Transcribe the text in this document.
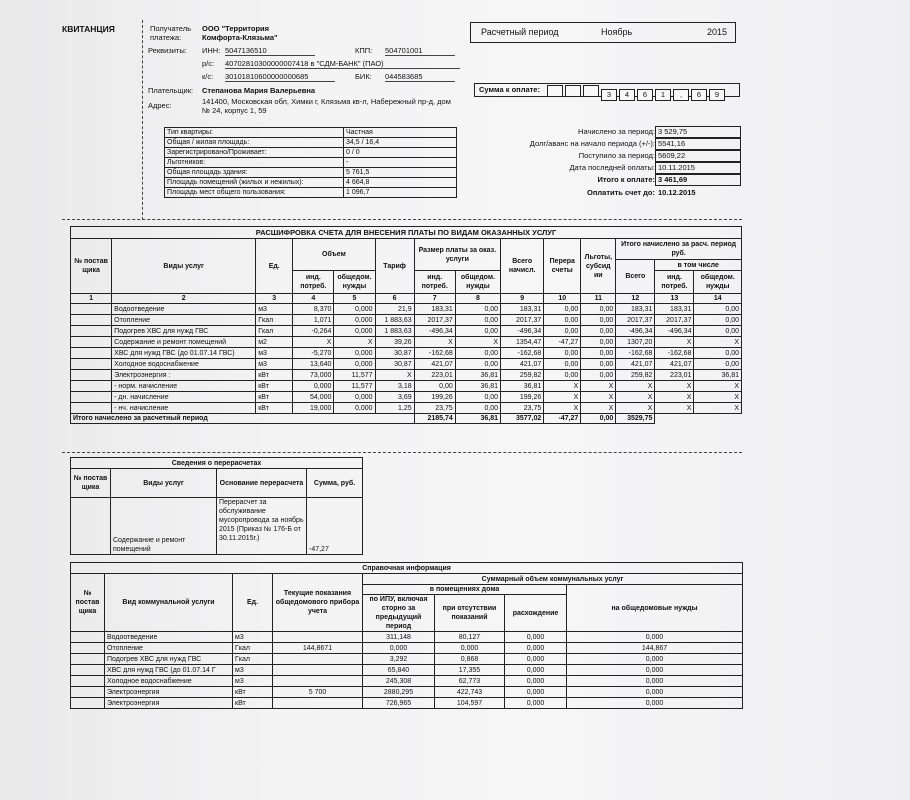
КВИТАНЦИЯ	Получатель платежа:
ООО "Территория Комфорта-Клязьма"
Реквизиты: ИНН: 5047136510	КПП: 504701001
р/с: 40702810300000007418 в "СДМ-БАНК" (ПАО)
к/с: 30101810600000000685	БИК: 044583685
Расчетный период	Ноябрь	2015
Плательщик: Степанова Мария Валерьевна
Адрес:	141400, Московская обл, Химки г, Клязьма кв-л, Набережный пр-д, дом
№ 24, корпус 1, 59
Сумма к оплате:
3 4 6 1 , 6 9
Тип квартиры:	Частная
Общая / жилая площадь:	34,5 / 16,4
Зарегистрировано/Проживает:	0 / 0
Льготников:	-
Общая площадь здания:	5 761,5
Площадь помещений (жилых и нежилых):	4 664,8
Площадь мест общего пользования:	1 096,7
Начислено за период: 3 529,75
Долг/аванс на начало периода (+/-): 5541,16
Поступило за период: 5609,22
Дата последней оплаты: 10.11.2015
Итого к оплате: 3 461,69
Оплатить счет до: 10.12.2015
РАСШИФРОВКА СЧЕТА ДЛЯ ВНЕСЕНИЯ ПЛАТЫ ПО ВИДАМ ОКАЗАННЫХ УСЛУГ													
№ постав щика	Виды услуг	Ед.	Объем		Тариф	Размер платы за оказ. услуги		Всего начисл.	Перера счеты	Льготы, субсид ии	Итого начислено за расч. период руб.		
											Всего	в том числе	
			инд. потреб.	общедом. нужды		инд. потреб.	общедом. нужды					инд. потреб.	общедом. нужды
1	2	3	4	5	6	7	8	9	10	11	12	13	14
	Водоотведение	м3	8,370	0,000	21,9	183,31	0,00	183,31	0,00	0,00	183,31	183,31	0,00
	Отопление	Гкал	1,071	0,000	1 883,63	2017,37	0,00	2017,37	0,00	0,00	2017,37	2017,37	0,00
	Подогрев ХВС для нужд ГВС	Гкал	-0,264	0,000	1 883,63	-496,34	0,00	-496,34	0,00	0,00	-496,34	-496,34	0,00
	Содержание и ремонт помещений	м2	X	X	39,26	X	X	1354,47	-47,27	0,00	1307,20	X	X
	ХВС для нужд ГВС (до 01.07.14 ГВС)	м3	-5,270	0,000	30,87	-162,68	0,00	-162,68	0,00	0,00	-162,68	-162,68	0,00
	Холодное водоснабжение	м3	13,640	0,000	30,87	421,07	0,00	421,07	0,00	0,00	421,07	421,07	0,00
	Электроэнергия :	кВт	73,000	11,577	X	223,01	36,81	259,82	0,00	0,00	259,82	223,01	36,81
	- норм. начисление	кВт	0,000	11,577	3,18	0,00	36,81	36,81	X	X	X	X	X
	- дн. начисление	кВт	54,000	0,000	3,69	199,26	0,00	199,26	X	X	X	X	X
	- нч. начисление	кВт	19,000	0,000	1,25	23,75	0,00	23,75	X	X	X	X	X
Итого начислено за расчетный период						2185,74	36,81	3577,02	-47,27	0,00	3529,75		
Сведения о перерасчетах			
№ постав щика	Виды услуг	Основание перерасчета	Сумма, руб.
	Содержание и ремонт помещений	Перерасчет за обслуживание мусоропровода за ноябрь 2015 (Приказ № 176-Б от 30.11.2015г.)	-47,27
Справочная информация							
№ постав щика	Вид коммунальной услуги	Ед.	Текущие показания общедомового прибора учета	Суммарный объем коммунальных услуг			
				в помещениях дома			на общедомовые нужды
				по ИПУ, включая сторно за предыдущий период	при отсутствии показаний	расхождение	
	Водоотведение	м3		311,148	80,127	0,000	0,000
	Отопление	Гкал	144,8671	0,000	0,000	0,000	144,867
	Подогрев ХВС для нужд ГВС	Гкал		3,292	0,868	0,000	0,000
	ХВС для нужд ГВС (до 01.07.14 Г	м3		65,840	17,355	0,000	0,000
	Холодное водоснабжение	м3		245,308	62,773	0,000	0,000
	Электроэнергия	кВт	5 700	2880,295	422,743	0,000	0,000
	Электроэнергия	кВт		726,965	104,597	0,000	0,000
